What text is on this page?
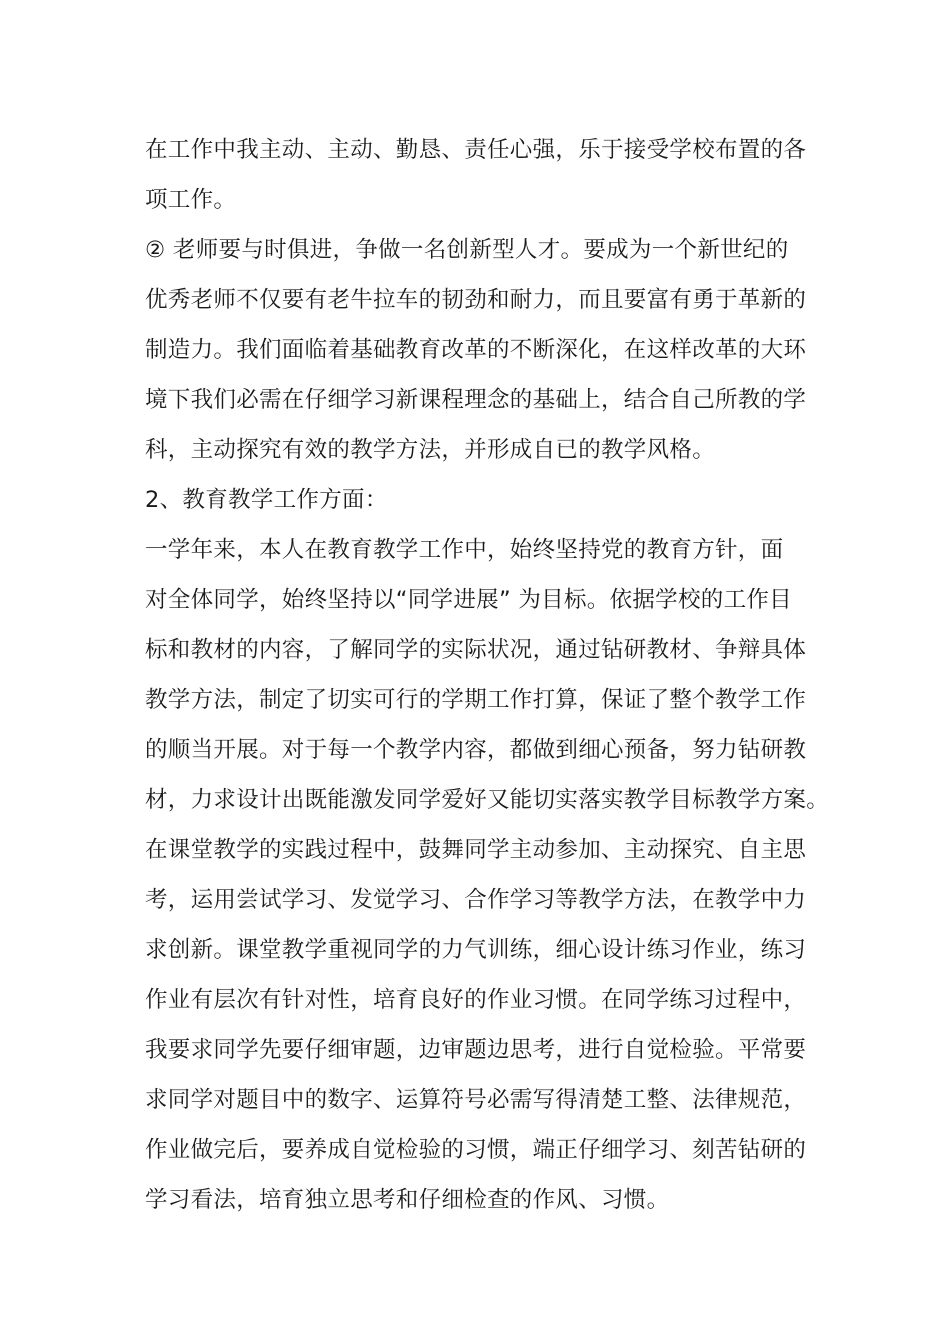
在工作中我主动、主动、勤恳、责任心强，乐于接受学校布置的各
项工作。
② 老师要与时俱进，争做一名创新型人才。要成为一个新世纪的
优秀老师不仅要有老牛拉车的韧劲和耐力，而且要富有勇于革新的
制造力。我们面临着基础教育改革的不断深化，在这样改革的大环
境下我们必需在仔细学习新课程理念的基础上，结合自己所教的学
科，主动探究有效的教学方法，并形成自已的教学风格。
2、教育教学工作方面：
一学年来，本人在教育教学工作中，始终坚持党的教育方针，面
对全体同学，始终坚持以“同学进展” 为目标。依据学校的工作目
标和教材的内容，了解同学的实际状况，通过钻研教材、争辩具体
教学方法，制定了切实可行的学期工作打算，保证了整个教学工作
的顺当开展。对于每一个教学内容，都做到细心预备，努力钻研教
材，力求设计出既能激发同学爱好又能切实落实教学目标教学方案。
在课堂教学的实践过程中，鼓舞同学主动参加、主动探究、自主思
考，运用尝试学习、发觉学习、合作学习等教学方法，在教学中力
求创新。课堂教学重视同学的力气训练，细心设计练习作业，练习
作业有层次有针对性，培育良好的作业习惯。在同学练习过程中，
我要求同学先要仔细审题，边审题边思考，进行自觉检验。平常要
求同学对题目中的数字、运算符号必需写得清楚工整、法律规范，
作业做完后，要养成自觉检验的习惯，端正仔细学习、刻苦钻研的
学习看法，培育独立思考和仔细检查的作风、习惯。
